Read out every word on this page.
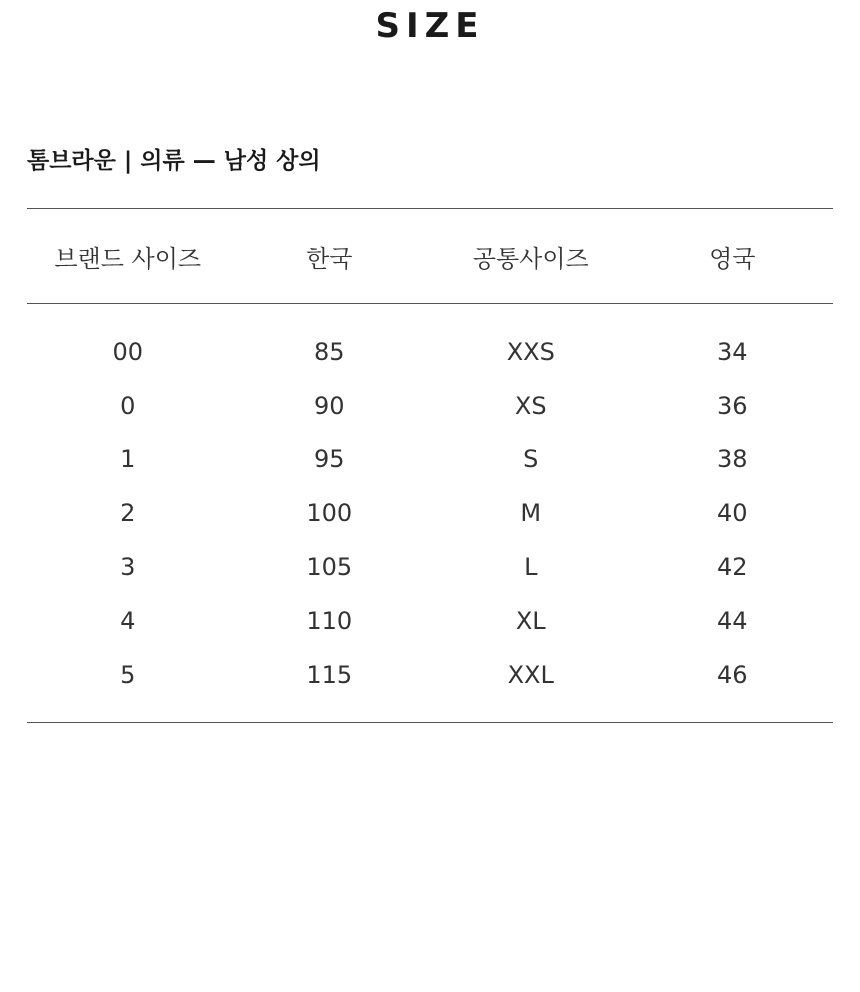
SIZE
톰브라운 | 의류 — 남성 상의
브랜드 사이즈	한국	공통사이즈	영국
00	85	XXS	34
0	90	XS	36
1	95	S	38
2	100	M	40
3	105	L	42
4	110	XL	44
5	115	XXL	46
